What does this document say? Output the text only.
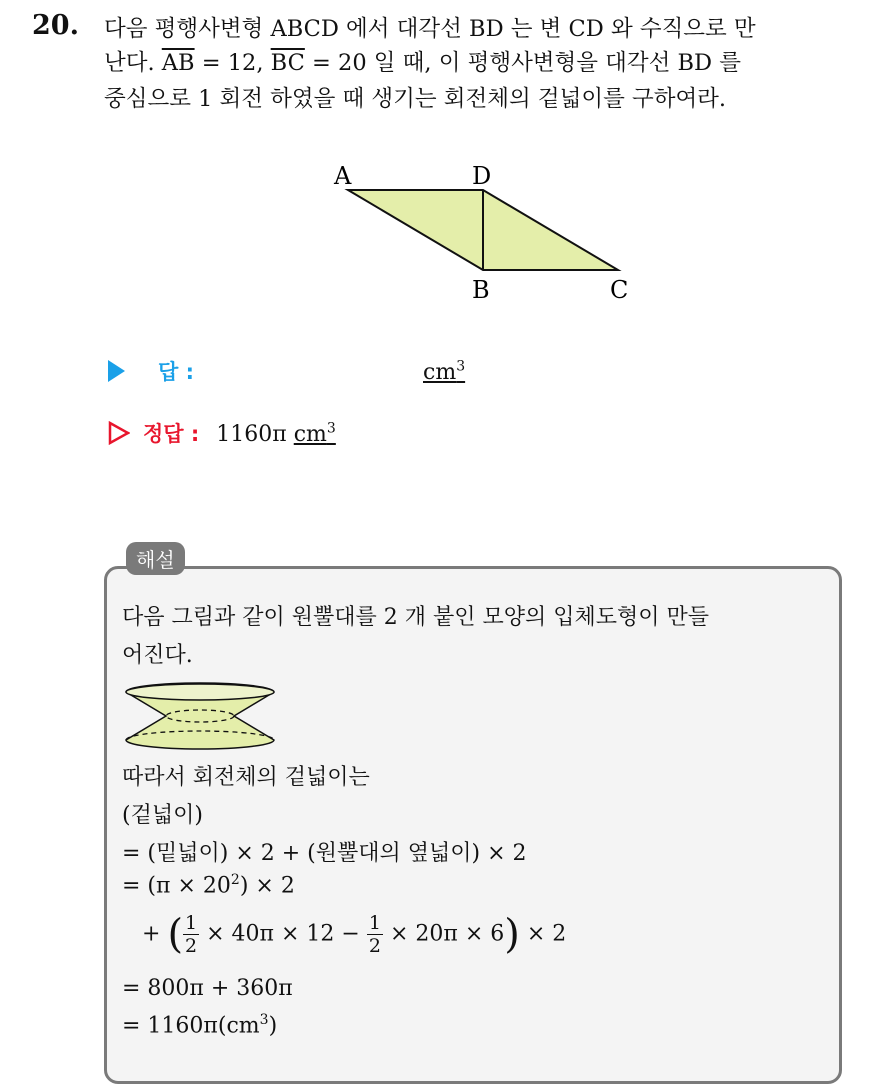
20. 다음 평행사변형 ABCD 에서 대각선 BD 는 변 CD 와 수직으로 만
난다. $\overline{AB} = 12$, $\overline{BC} = 20$ 일 때, 이 평행사변형을 대각선 BD 를
중심으로 1 회전 하였을 때 생기는 회전체의 겉넓이를 구하여라.
A	D
B	C
답 :	$cm^3$
정답 : 1160π $cm^3$
해설
다음 그림과 같이 원뿔대를 2 개 붙인 모양의 입체도형이 만들
어진다.
따라서 회전체의 겉넓이는
(겉넓이)
= (밑넓이) × 2 + (원뿔대의 옆넓이) × 2
= $(\pi \times 20^2) \times 2$
+ ( $\frac{1}{2} \times 40\pi \times 12 - \frac{1}{2} \times 20\pi \times 6) \times 2$
= 800π + 360π
= $1160\pi(cm^3)$
